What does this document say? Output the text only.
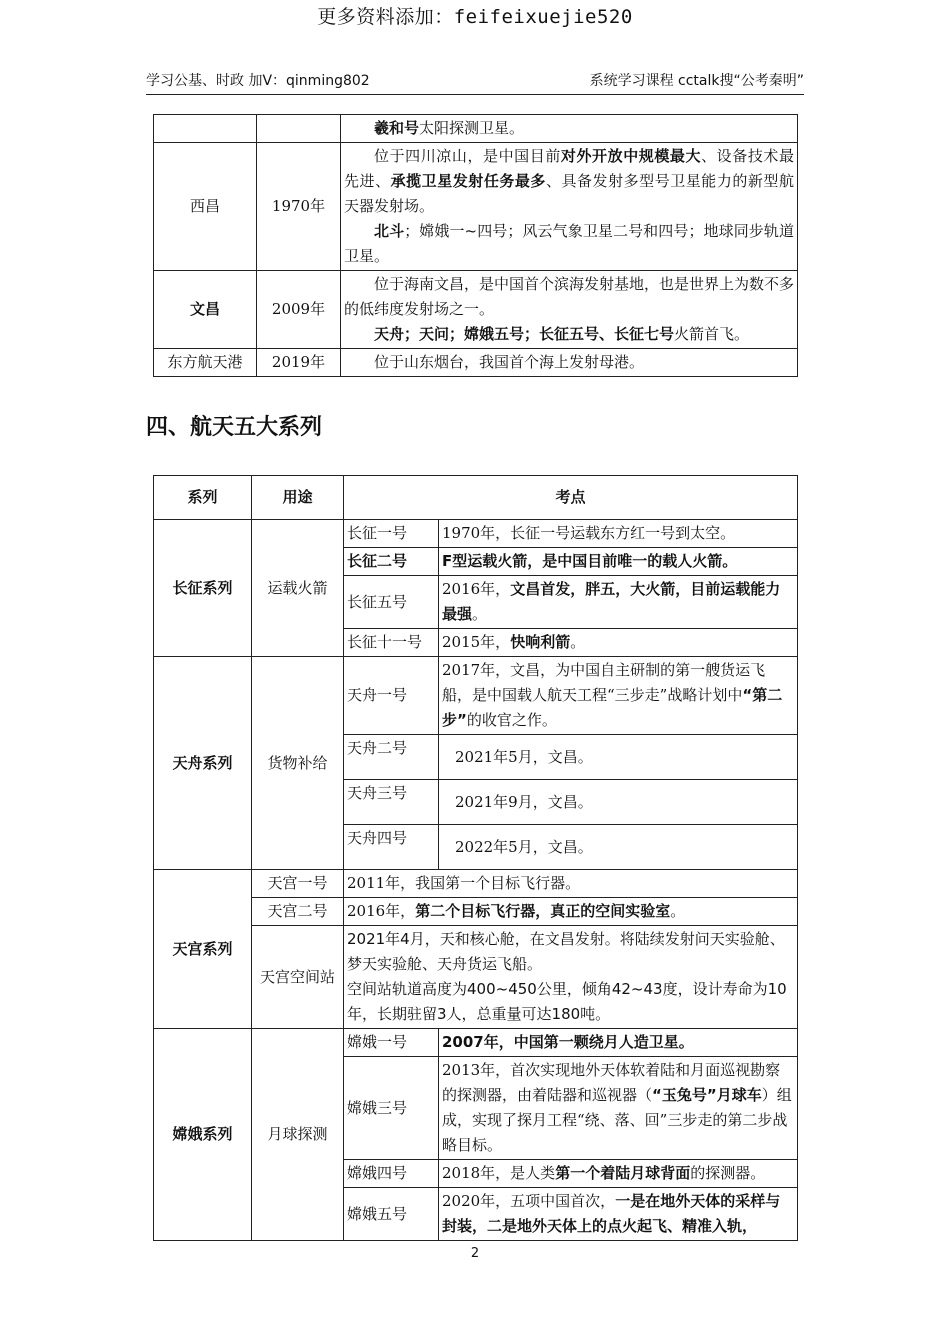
更多资料添加：feifeixuejie520
学习公基、时政 加V：qinming802	系统学习课程 cctalk搜“公考秦明”
		羲和号太阳探测卫星。
西昌	1970年	位于四川凉山，是中国目前对外开放中规模最大、设备技术最先进、承揽卫星发射任务最多、具备发射多型号卫星能力的新型航天器发射场。
北斗；嫦娥一~四号；风云气象卫星二号和四号；地球同步轨道卫星。

文昌	2009年	位于海南文昌，是中国首个滨海发射基地，也是世界上为数不多的低纬度发射场之一。
天舟；天问；嫦娥五号；长征五号、长征七号火箭首飞。

东方航天港	2019年	位于山东烟台，我国首个海上发射母港。
四、航天五大系列
系列	用途	考点	
长征系列	运载火箭	长征一号	1970年，长征一号运载东方红一号到太空。
		长征二号	F型运载火箭，是中国目前唯一的载人火箭。
		长征五号	2016年，文昌首发，胖五，大火箭，目前运载能力最强。
		长征十一号	2015年，快响利箭。
天舟系列	货物补给	天舟一号	2017年，文昌，为中国自主研制的第一艘货运飞船，是中国载人航天工程“三步走”战略计划中“第二步”的收官之作。
		天舟二号	2021年5月，文昌。
		天舟三号	2021年9月，文昌。
		天舟四号	2022年5月，文昌。
天宫系列	天宫一号	2011年，我国第一个目标飞行器。	
	天宫二号	2016年，第二个目标飞行器，真正的空间实验室。	
	天宫空间站	2021年4月，天和核心舱，在文昌发射。将陆续发射问天实验舱、梦天实验舱、天舟货运飞船。
空间站轨道高度为400~450公里，倾角42~43度，设计寿命为10年，长期驻留3人，总重量可达180吨。	

嫦娥系列	月球探测	嫦娥一号	2007年，中国第一颗绕月人造卫星。
		嫦娥三号	2013年，首次实现地外天体软着陆和月面巡视勘察的探测器，由着陆器和巡视器（“玉兔号”月球车）组成，实现了探月工程“绕、落、回”三步走的第二步战略目标。
		嫦娥四号	2018年，是人类第一个着陆月球背面的探测器。
		嫦娥五号	2020年，五项中国首次，一是在地外天体的采样与封装，二是地外天体上的点火起飞、精准入轨，
2
